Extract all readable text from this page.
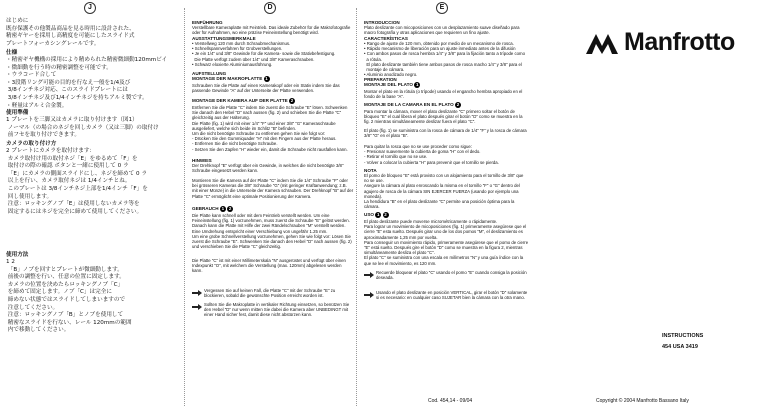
J
はじめに
既存保護その他製品商品を見る時用に設計された、
精密ギヤーを採用し高精度を可能にしたスライド式
プレートフォーカシングレールです。
仕様
・精密ギヤ機構の採用により精められた精密微細動120mmビイ
・微細動を行う時の精密調整を可能です。
・ウラコード合して
・3段階リング可能の目的を行なえ一般を1/4及び
3/8インチネジ対応、このスライドプレートには
3/8インチネジ及び1/4インチネジを持ちアルミ製です。
・軽量はアルミ合金製。
使用準備
1 プレートを三脚又はカメラに取り付けます（図1）
ノーマル（の場合のネジを回しカメラ（又は三脚）の取付け
前フセを取り付けできます。
カメラの取り付け方
2 プレートにカメラを取付けます：
カメラ取付け用の取付ネジ「E」をゆるめて「F」を
取付けの際の確認 ボタンと一緒に使用して 0 ラ
「E」にカメラの側面スライドにし、ネジを締めて 0 ラ
以上を行い、カメラ取付ネジは 1/4インチとね。
このプレートは 3/8インチネジ上部を1/4インチ「F」を
回し使用します。
注意：ロッキングノブ「E」は使用しないカメラ等を
固定するにはネジを完全に締めて使用してください。
使用方法
1 2
「B」ノブを回すとプレートが微細動します。
前後の調整を行い、任意の位置に固定します。
カメラの位置を決めたらロッキングノブ「C」
を締めて固定します。ノブ「C」は完全に
締めない状態ではスライドしてしまいますので
注意してください。
注意：ロッキングノブ「B」とノブを使用して
精密なスライドを行ない、レール 120mmの範囲
内で移動してください。
D
EINFÜHRUNG
Verstellbare Kameraplatte mit Feintrieb. Das ideale Zubehör für die Makrofotografie
oder für Aufnahmen, wo eine präzise Feineinstellung benötigt wird.
AUSSTATTUNGSMERKMALE
• Verstellweg 120 mm durch Schraubmechanismus.
• Schnellspannverfahren für Grobverstellungen.
• Je ein 1/4" und 3/8" Gewinde für die Kamera- sowie die Stativbefestigung.
Die Platte verfügt zudem über 1/4" und 3/8" Kameraschrauben.
• Schwarz eloxierte Aluminiumausführung.
AUFSTELLUNG
MONTAGE DER MAKROPLATTE 1
Schrauben Sie die Platte auf einen Kamerakopf oder ein Stativ indem Sie das
passende Gewinde "A" auf der Unterseite der Platte verwenden.
MONTAGE DER KAMERA AUF DER PLATTE 2
Entfernen Sie die Platte "C" indem Sie zuerst die Schraube "E" lösen. Schwenken
Sie danach den Hebel "D" nach aussen (fig. 2) und schieben Sie die Platte "C"
gleichzeitig aus der Halterung.
Die Platte (fig. 1) wird mit einer 1/4" "F" und einer 3/8" "G" Kameraschraube
ausgeliefert, welche sich beide im Schlitz "B" befinden.
Um die nicht benötigte Schraube zu entfernen gehen Sie wie folgt vor:
- Drücken Sie den Gummiquader "H" mit den Fingern aus der Platte heraus.
- Entfernen Sie die nicht benötigte Schraube.
- Setzen Sie den Zapfen "H" wieder ein, damit die Schraube nicht rausfallen kann.
HINWEIS
Der Drehknopf "E" verfügt über ein Gewinde, in welches die nicht benötigte 3/8"
Schraube eingesetzt werden kann.
Montieren Sie die Kamera auf der Platte "C" indem Sie die 1/4" Schraube "F" oder
bei grösseren Kameras die 3/8" Schraube "G" (mit geringer Kraftanwendung; z.B.
mit einer Münze) in die Unterseite der Kamera schrauben. Der Drehknopf "B" auf der
Platte "C" ermöglicht eine optimale Positionierung der Kamera.
GEBRAUCH 1 2
Die Platte kann schnell oder mit dem Feintrieb verstellt werden. Um eine
Feineinstellung (fig. 1) vorzunehmen, muss zuerst die Schraube "E" gelöst werden.
Danach kann die Platte mit Hilfe der zwei Rändelschrauben "M" verstellt werden.
Eine Umdrehung entspricht einer Verschiebung von ungefähr 1.25 mm.
Um eine grobe Schnellverstellung vorzunehmen, gehen Sie wie folgt vor: Lösen Sie
zuerst die Schraube "E". Schwenken Sie danach den Hebel "D" nach aussen (fig. 2)
und verschieben Sie die Platte "C" gleichzeitig.
Die Platte "C" ist mit einer Millimeterskala "N" ausgerüstet und verfügt über einen
Indexpunkt "O", mit welchem die Verstellung (max. 120mm) abgelesen werden
kann.
Vergessen Sie auf keinen Fall, die Platte "C" mit der Schraube "E" zu blockieren, sobald die gewünschte Position erreicht worden ist.
Sollten Sie die Makroplatte in vertikaler Richtung einsetzen, so benützen Sie den Hebel "D" nur wenn mitten Sie dabei die Kamera aber UNBEDINGT mit einer Hand sicher fest, damit diese nicht abstürzen kann.
E
INTRODUCCION
Plato deslizante con micoposiciones con un desplazamiento suave diseñado para
macro fotografía y otras aplicaciones que requieren un fino ajuste.
CARACTERÍSTICAS
• Rango de ajuste de 120 mm, obtenido por medio de un mecanismo de rosca.
• Rápido mecanismo de liberación para un ajuste inmediato antes de la difusión
• Con ambos pasos de rosca hembra 1/4" y 3/8" para la fijación tanto a trípode como
a rótula.
El plato deslizante también tiene ambos pasos de rosca macho 1/4" y 3/8" para el
montaje de cámara.
• Aluminio anodizado negro.
PREPARATION
MONTAJE DEL PLATO 1
Montar el plato en la rótula (o trípode) usando el engancho hembra apropiado en el
fondo de la base "A".
MONTAJE DE LA CAMARA EN EL PLATO 2
Para montar la cámara, mover el plato deslizante "C" primero soltar el botón de
bloqueo "E" el cual libera el plato después girar el botón "D" como se muestra en la
fig. 2 mientras simultáneamente deslizar fuera el plato "C".
El plato (fig. 1) se suministra con la rosca de cámara de 1/4" "F" y la rosca de cámara
3/8" "G" en el plato "B".
Para quitar la rosca que no se use proceder como sigue:
- Presionar suavemente la cubierta de goma "H" con el dedo.
- Retirar el tornillo que no se use.
- Volver a colocar la cubierta "H" para prevenir que el tornillo se pierda.
NOTA
El pomo de bloqueo "E" está provisto con un alojamiento para el tornillo de 3/8" que
no se use.
Asegure la cámara al plato enroscando la misma en el tornillo "F" o "G" dentro del
agujero de rosca de la cámara SIN EJERCER FUERZA (usando por ejemplo una
moneda).
La hendidura "B" en el plato deslizante "C" permite una posición óptima para la
cámara.
USO 1 2
El plato deslizante puede moverse micrométricamente o rápidamente.
Para lograr un movimiento de micoposiciones (fig. 1) primeramente asegúrese que el
cierre "E" esta suelto. Después girar uno de los dos pomos "M", el deslizamiento es
aproximadamente 1,25 mm por vuelta.
Para conseguir un movimiento rápido, primeramente asegúrese que el pomo de cierre
"E" está suelto. Después gire el botón "D" como se muestra en la figura 2, mientras
simultáneamente desliza el plato "C".
El plato "C" se suministra con una escala en milímetros "N" y una guía índice con la
que se lee el movimiento, es 120 mm.
Recuerde bloquear el plato "C" usando el pomo "E" cuando consiga la posición deseada.
Usando el plato deslizante en posición VERTICAL, girar el botón "D" solamente si es necesario: en cualquier caso SUJETAR bien la cámara con la otra mano.
Manfrotto
INSTRUCTIONS
454 USA 3419
Cod. 454,14 - 09/04	Copyright © 2004 Manfrotto Bassano Italy
